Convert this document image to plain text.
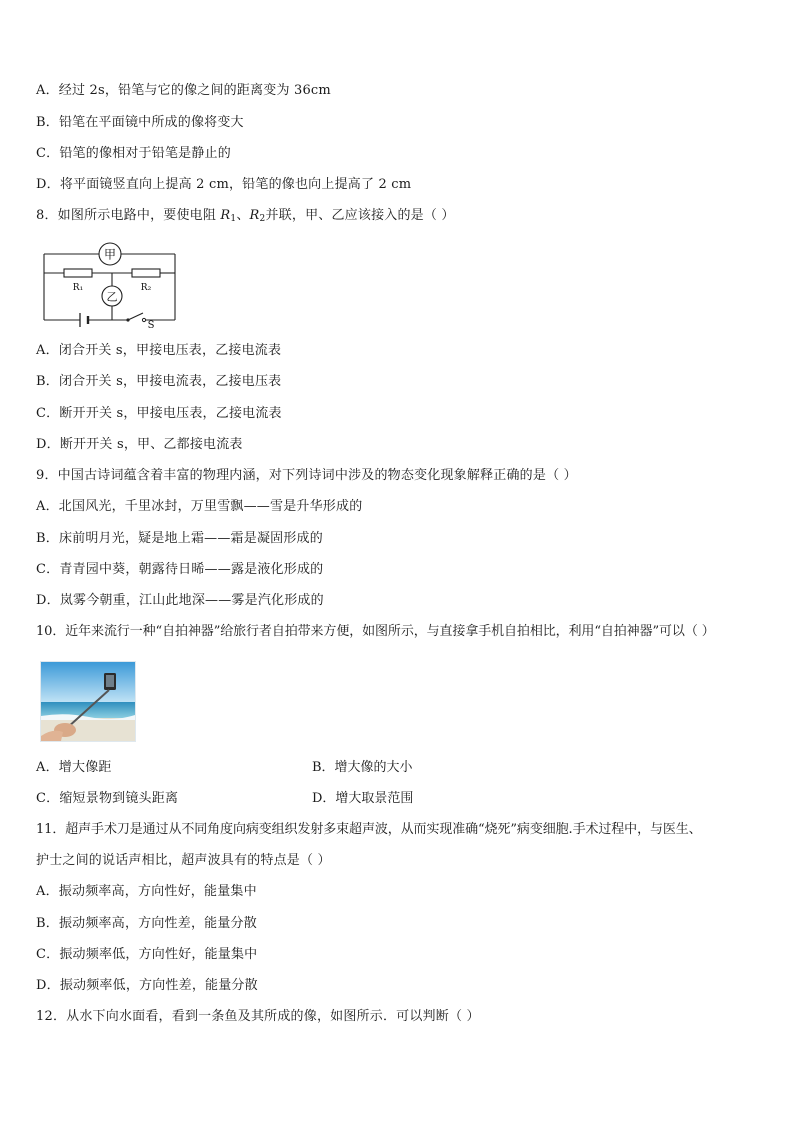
A．经过 2s，铅笔与它的像之间的距离变为 36cm
B．铅笔在平面镜中所成的像将变大
C．铅笔的像相对于铅笔是静止的
D．将平面镜竖直向上提高 2 cm，铅笔的像也向上提高了 2 cm
8．如图所示电路中，要使电阻 $R_1$、$R_2$并联，甲、乙应该接入的是（ ）
甲
R₁	R₂
乙
S
A．闭合开关 s，甲接电压表，乙接电流表
B．闭合开关 s，甲接电流表，乙接电压表
C．断开开关 s，甲接电压表，乙接电流表
D．断开开关 s，甲、乙都接电流表
9．中国古诗词蕴含着丰富的物理内涵，对下列诗词中涉及的物态变化现象解释正确的是（ ）
A．北国风光，千里冰封，万里雪飘——雪是升华形成的
B．床前明月光，疑是地上霜——霜是凝固形成的
C．青青园中葵，朝露待日晞——露是液化形成的
D．岚雾今朝重，江山此地深——雾是汽化形成的
10．近年来流行一种“自拍神器”给旅行者自拍带来方便，如图所示，与直接拿手机自拍相比，利用“自拍神器”可以（ ）
A．增大像距	B．增大像的大小
C．缩短景物到镜头距离	D．增大取景范围
11．超声手术刀是通过从不同角度向病变组织发射多束超声波，从而实现准确“烧死”病变细胞.手术过程中，与医生、
护士之间的说话声相比，超声波具有的特点是（ ）
A．振动频率高，方向性好，能量集中
B．振动频率高，方向性差，能量分散
C．振动频率低，方向性好，能量集中
D．振动频率低，方向性差，能量分散
12．从水下向水面看，看到一条鱼及其所成的像，如图所示．可以判断（ ）
